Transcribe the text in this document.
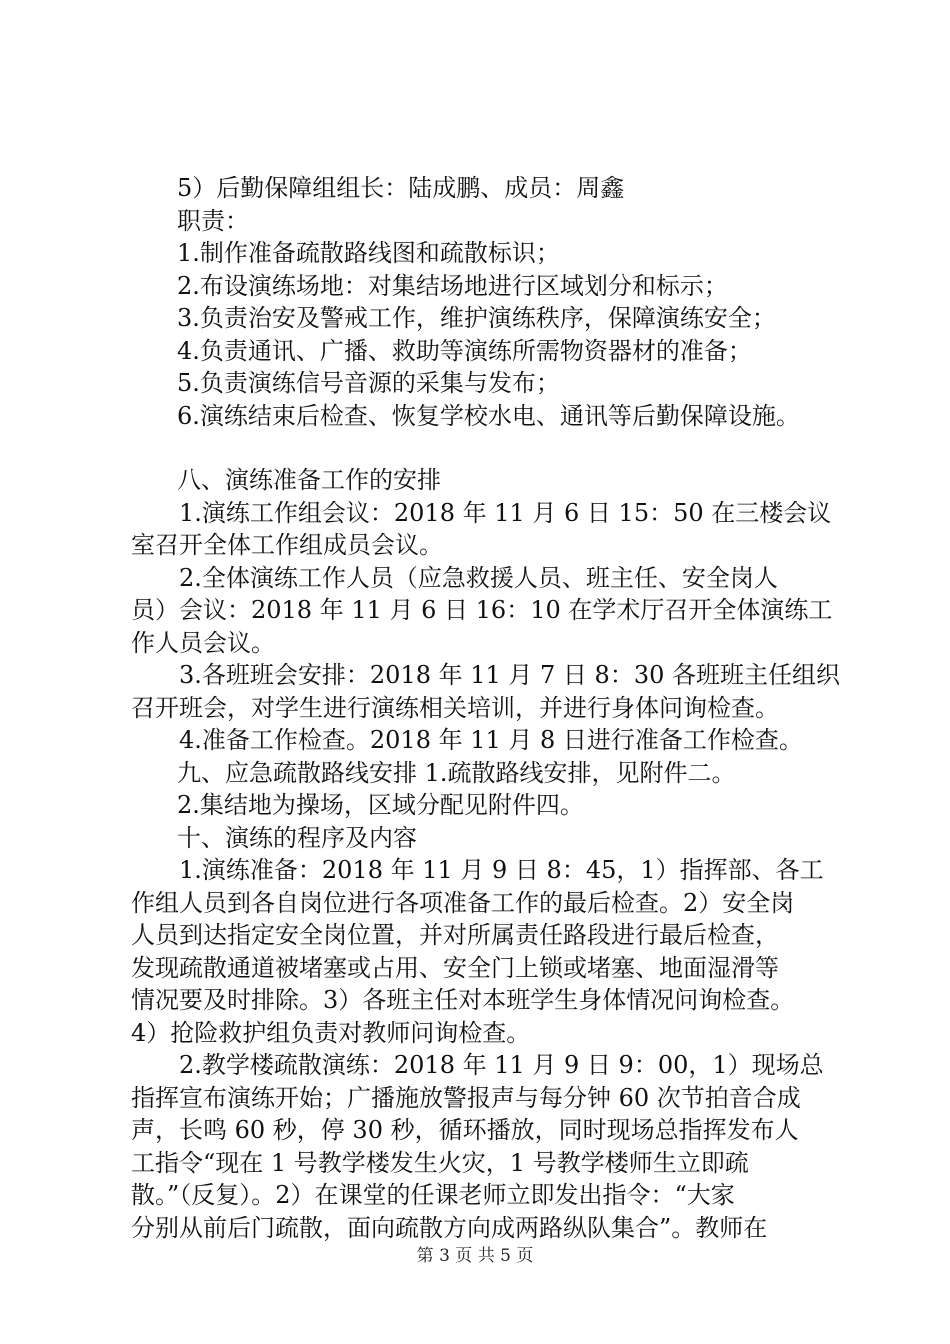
5）后勤保障组组长：陆成鹏、成员：周鑫

职责：

1.制作准备疏散路线图和疏散标识；

2.布设演练场地：对集结场地进行区域划分和标示；

3.负责治安及警戒工作，维护演练秩序，保障演练安全；

4.负责通讯、广播、救助等演练所需物资器材的准备；

5.负责演练信号音源的采集与发布；

6.演练结束后检查、恢复学校水电、通讯等后勤保障设施。

八、演练准备工作的安排

1.演练工作组会议：2018 年 11 月 6 日 15：50 在三楼会议

室召开全体工作组成员会议。

2.全体演练工作人员（应急救援人员、班主任、安全岗人

员）会议：2018 年 11 月 6 日 16：10 在学术厅召开全体演练工

作人员会议。

3.各班班会安排：2018 年 11 月 7 日 8：30 各班班主任组织

召开班会，对学生进行演练相关培训，并进行身体问询检查。

4.准备工作检查。2018 年 11 月 8 日进行准备工作检查。

九、应急疏散路线安排 1.疏散路线安排，见附件二。

2.集结地为操场，区域分配见附件四。

十、演练的程序及内容

1.演练准备：2018 年 11 月 9 日 8：45，1）指挥部、各工

作组人员到各自岗位进行各项准备工作的最后检查。2）安全岗

人员到达指定安全岗位置，并对所属责任路段进行最后检查，

发现疏散通道被堵塞或占用、安全门上锁或堵塞、地面湿滑等

情况要及时排除。3）各班主任对本班学生身体情况问询检查。

4）抢险救护组负责对教师问询检查。

2.教学楼疏散演练：2018 年 11 月 9 日 9：00，1）现场总

指挥宣布演练开始；广播施放警报声与每分钟 60 次节拍音合成

声，长鸣 60 秒，停 30 秒，循环播放，同时现场总指挥发布人

工指令“现在 1 号教学楼发生火灾，1 号教学楼师生立即疏

散。”（反复）。2）在课堂的任课老师立即发出指令：“大家

分别从前后门疏散，面向疏散方向成两路纵队集合”。教师在

第 3 页 共 5 页
